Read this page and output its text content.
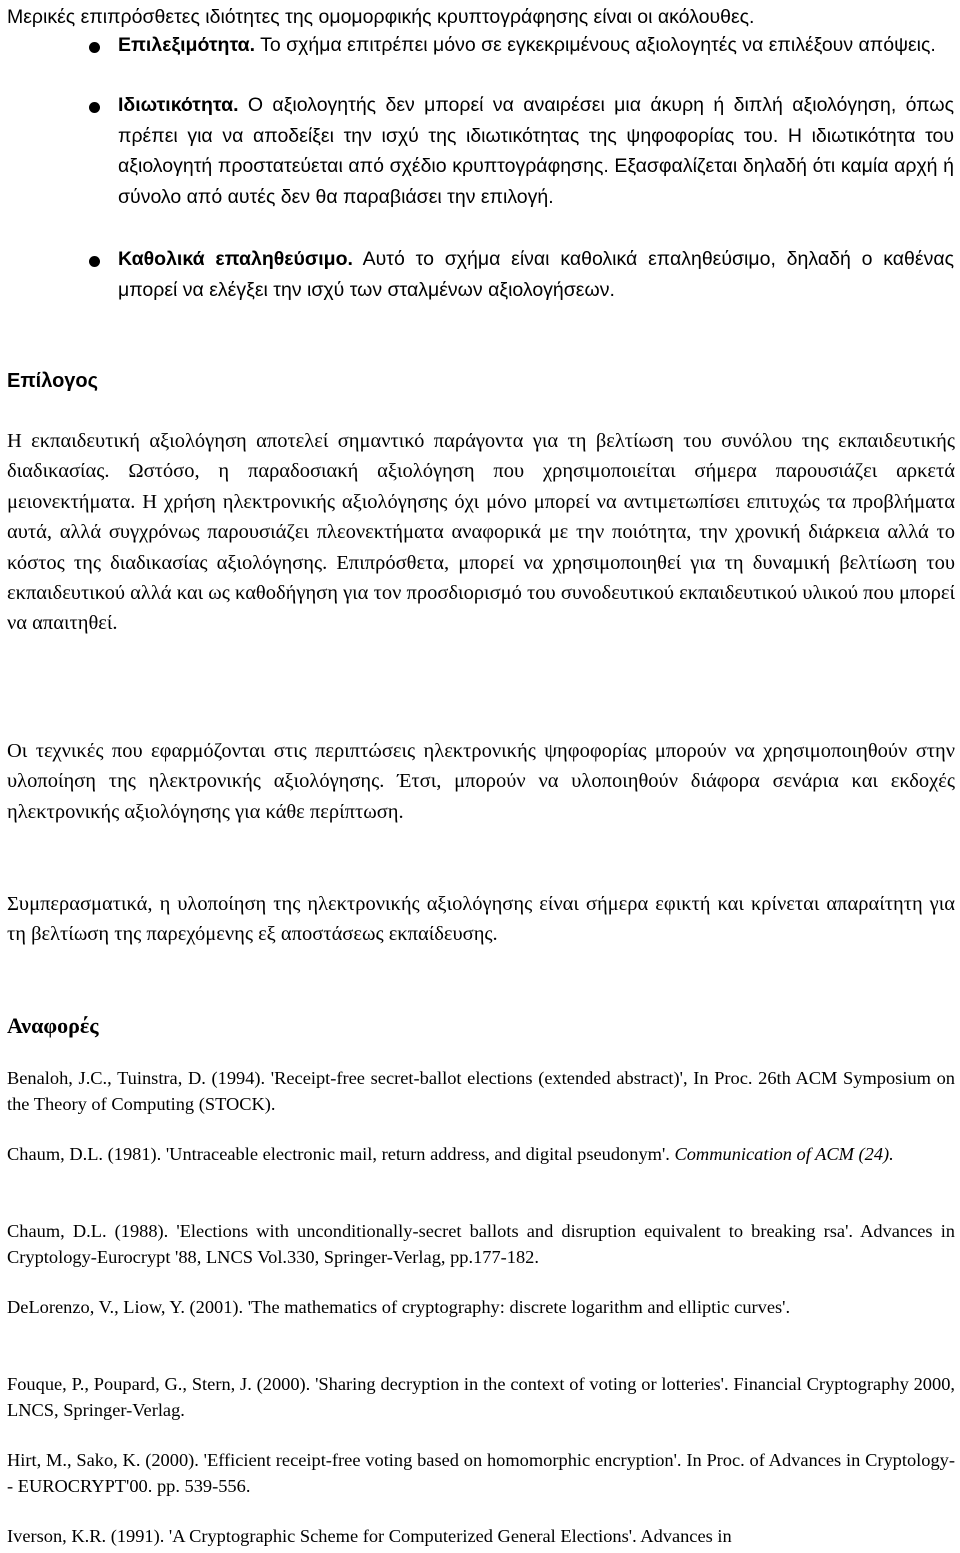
Μερικές επιπρόσθετες ιδιότητες της ομομορφικής κρυπτογράφησης είναι οι ακόλουθες.
Επιλεξιμότητα. Το σχήμα επιτρέπει μόνο σε εγκεκριμένους αξιολογητές να επιλέξουν απόψεις.
Ιδιωτικότητα. Ο αξιολογητής δεν μπορεί να αναιρέσει μια άκυρη ή διπλή αξιολόγηση, όπως πρέπει για να αποδείξει την ισχύ της ιδιωτικότητας της ψηφοφορίας του. Η ιδιωτικότητα του αξιολογητή προστατεύεται από σχέδιο κρυπτογράφησης. Εξασφαλίζεται δηλαδή ότι καμία αρχή ή σύνολο από αυτές δεν θα παραβιάσει την επιλογή.
Καθολικά επαληθεύσιμο. Αυτό το σχήμα είναι καθολικά επαληθεύσιμο, δηλαδή ο καθένας μπορεί να ελέγξει την ισχύ των σταλμένων αξιολογήσεων.
Επίλογος
Η εκπαιδευτική αξιολόγηση αποτελεί σημαντικό παράγοντα για τη βελτίωση του συνόλου της εκπαιδευτικής διαδικασίας. Ωστόσο, η παραδοσιακή αξιολόγηση που χρησιμοποιείται σήμερα παρουσιάζει αρκετά μειονεκτήματα. Η χρήση ηλεκτρονικής αξιολόγησης όχι μόνο μπορεί να αντιμετωπίσει επιτυχώς τα προβλήματα αυτά, αλλά συγχρόνως παρουσιάζει πλεονεκτήματα αναφορικά με την ποιότητα, την χρονική διάρκεια αλλά το κόστος της διαδικασίας αξιολόγησης. Επιπρόσθετα, μπορεί να χρησιμοποιηθεί για τη δυναμική βελτίωση του εκπαιδευτικού αλλά και ως καθοδήγηση για τον προσδιορισμό του συνοδευτικού εκπαιδευτικού υλικού που μπορεί να απαιτηθεί.
Οι τεχνικές που εφαρμόζονται στις περιπτώσεις ηλεκτρονικής ψηφοφορίας μπορούν να χρησιμοποιηθούν στην υλοποίηση της ηλεκτρονικής αξιολόγησης. Έτσι, μπορούν να υλοποιηθούν διάφορα σενάρια και εκδοχές ηλεκτρονικής αξιολόγησης για κάθε περίπτωση.
Συμπερασματικά, η υλοποίηση της ηλεκτρονικής αξιολόγησης είναι σήμερα εφικτή και κρίνεται απαραίτητη για τη βελτίωση της παρεχόμενης εξ αποστάσεως εκπαίδευσης.
Αναφορές
Benaloh, J.C., Tuinstra, D. (1994). 'Receipt-free secret-ballot elections (extended abstract)', In Proc. 26th ACM Symposium on the Theory of Computing (STOCK).
Chaum, D.L. (1981). 'Untraceable electronic mail, return address, and digital pseudonym'. Communication of ACM (24).
Chaum, D.L. (1988). 'Elections with unconditionally-secret ballots and disruption equivalent to breaking rsa'. Advances in Cryptology-Eurocrypt '88, LNCS Vol.330, Springer-Verlag, pp.177-182.
DeLorenzo, V., Liow, Y. (2001). 'The mathematics of cryptography: discrete logarithm and elliptic curves'.
Fouque, P., Poupard, G., Stern, J. (2000). 'Sharing decryption in the context of voting or lotteries'. Financial Cryptography 2000, LNCS, Springer-Verlag.
Hirt, M., Sako, K. (2000). 'Efficient receipt-free voting based on homomorphic encryption'. In Proc. of Advances in Cryptology-- EUROCRYPT'00. pp. 539-556.
Iverson, K.R. (1991). 'A Cryptographic Scheme for Computerized General Elections'. Advances in
